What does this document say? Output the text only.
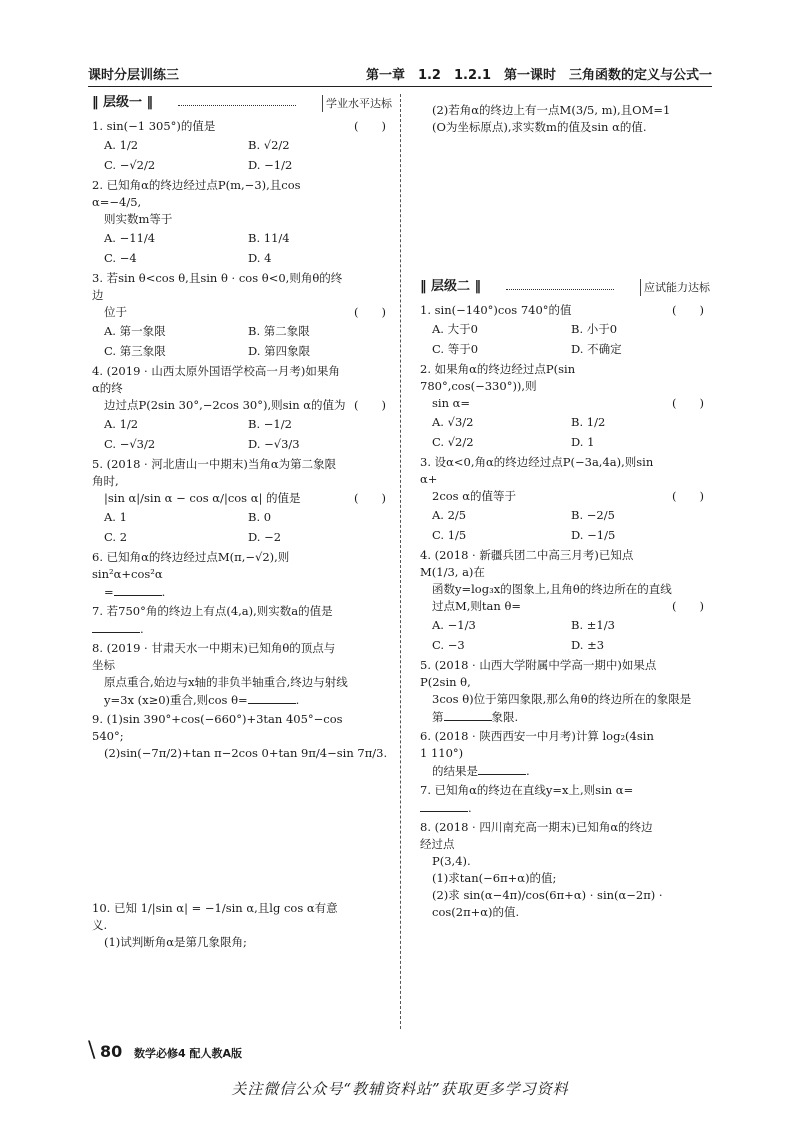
课时分层训练三	第一章　1.2　1.2.1　第一课时　三角函数的定义与公式一
‖ 层级一 ‖	学业水平达标
1. sin(−1 305°)的值是	(　　)
A. 1/2	B. √2/2
C. −√2/2	D. −1/2
2. 已知角α的终边经过点P(m,−3),且cos α=−4/5,
则实数m等于
A. −11/4	B. 11/4
C. −4	D. 4
3. 若sin θ<cos θ,且sin θ · cos θ<0,则角θ的终边
位于	(　　)
A. 第一象限	B. 第二象限
C. 第三象限	D. 第四象限
4. (2019 · 山西太原外国语学校高一月考)如果角α的终
边过点P(2sin 30°,−2cos 30°),则sin α的值为 (　　)
A. 1/2	B. −1/2
C. −√3/2	D. −√3/3
5. (2018 · 河北唐山一中期末)当角α为第二象限角时,
|sin α|/sin α − cos α/|cos α| 的值是	(　　)
A. 1	B. 0
C. 2	D. −2
6. 已知角α的终边经过点M(π,−√2),则sin²α+cos²α
=	.
7. 若750°角的终边上有点(4,a),则实数a的值是.
8. (2019 · 甘肃天水一中期末)已知角θ的顶点与坐标
原点重合,始边与x轴的非负半轴重合,终边与射线
y=3x (x≥0)重合,则cos θ=	.
9. (1)sin 390°+cos(−660°)+3tan 405°−cos 540°;
(2)sin(−7π/2)+tan π−2cos 0+tan 9π/4−sin 7π/3.
10. 已知 1/|sin α| = −1/sin α,且lg cos α有意义.
(1)试判断角α是第几象限角;
(2)若角α的终边上有一点M(3/5, m),且OM=1
(O为坐标原点),求实数m的值及sin α的值.
‖ 层级二 ‖	应试能力达标
1. sin(−140°)cos 740°的值	(　　)
A. 大于0	B. 小于0
C. 等于0	D. 不确定
2. 如果角α的终边经过点P(sin 780°,cos(−330°)),则
sin α=	(　　)
A. √3/2	B. 1/2
C. √2/2	D. 1
3. 设α<0,角α的终边经过点P(−3a,4a),则sin α+
2cos α的值等于	(　　)
A. 2/5	B. −2/5
C. 1/5	D. −1/5
4. (2018 · 新疆兵团二中高三月考)已知点M(1/3, a)在
函数y=log₃x的图象上,且角θ的终边所在的直线
过点M,则tan θ=	(　　)
A. −1/3	B. ±1/3
C. −3	D. ±3
5. (2018 · 山西大学附属中学高一期中)如果点P(2sin θ,
3cos θ)位于第四象限,那么角θ的终边所在的象限是
第	象限.
6. (2018 · 陕西西安一中月考)计算 log₂(4sin 1 110°)
的结果是	.
7. 已知角α的终边在直线y=x上,则sin α=.
8. (2018 · 四川南充高一期末)已知角α的终边经过点
P(3,4).
(1)求tan(−6π+α)的值;
(2)求 sin(α−4π)/cos(6π+α) · sin(α−2π) · cos(2π+α)的值.
\ 80 数学必修4 配人教A版
关注微信公众号“教辅资料站”获取更多学习资料
